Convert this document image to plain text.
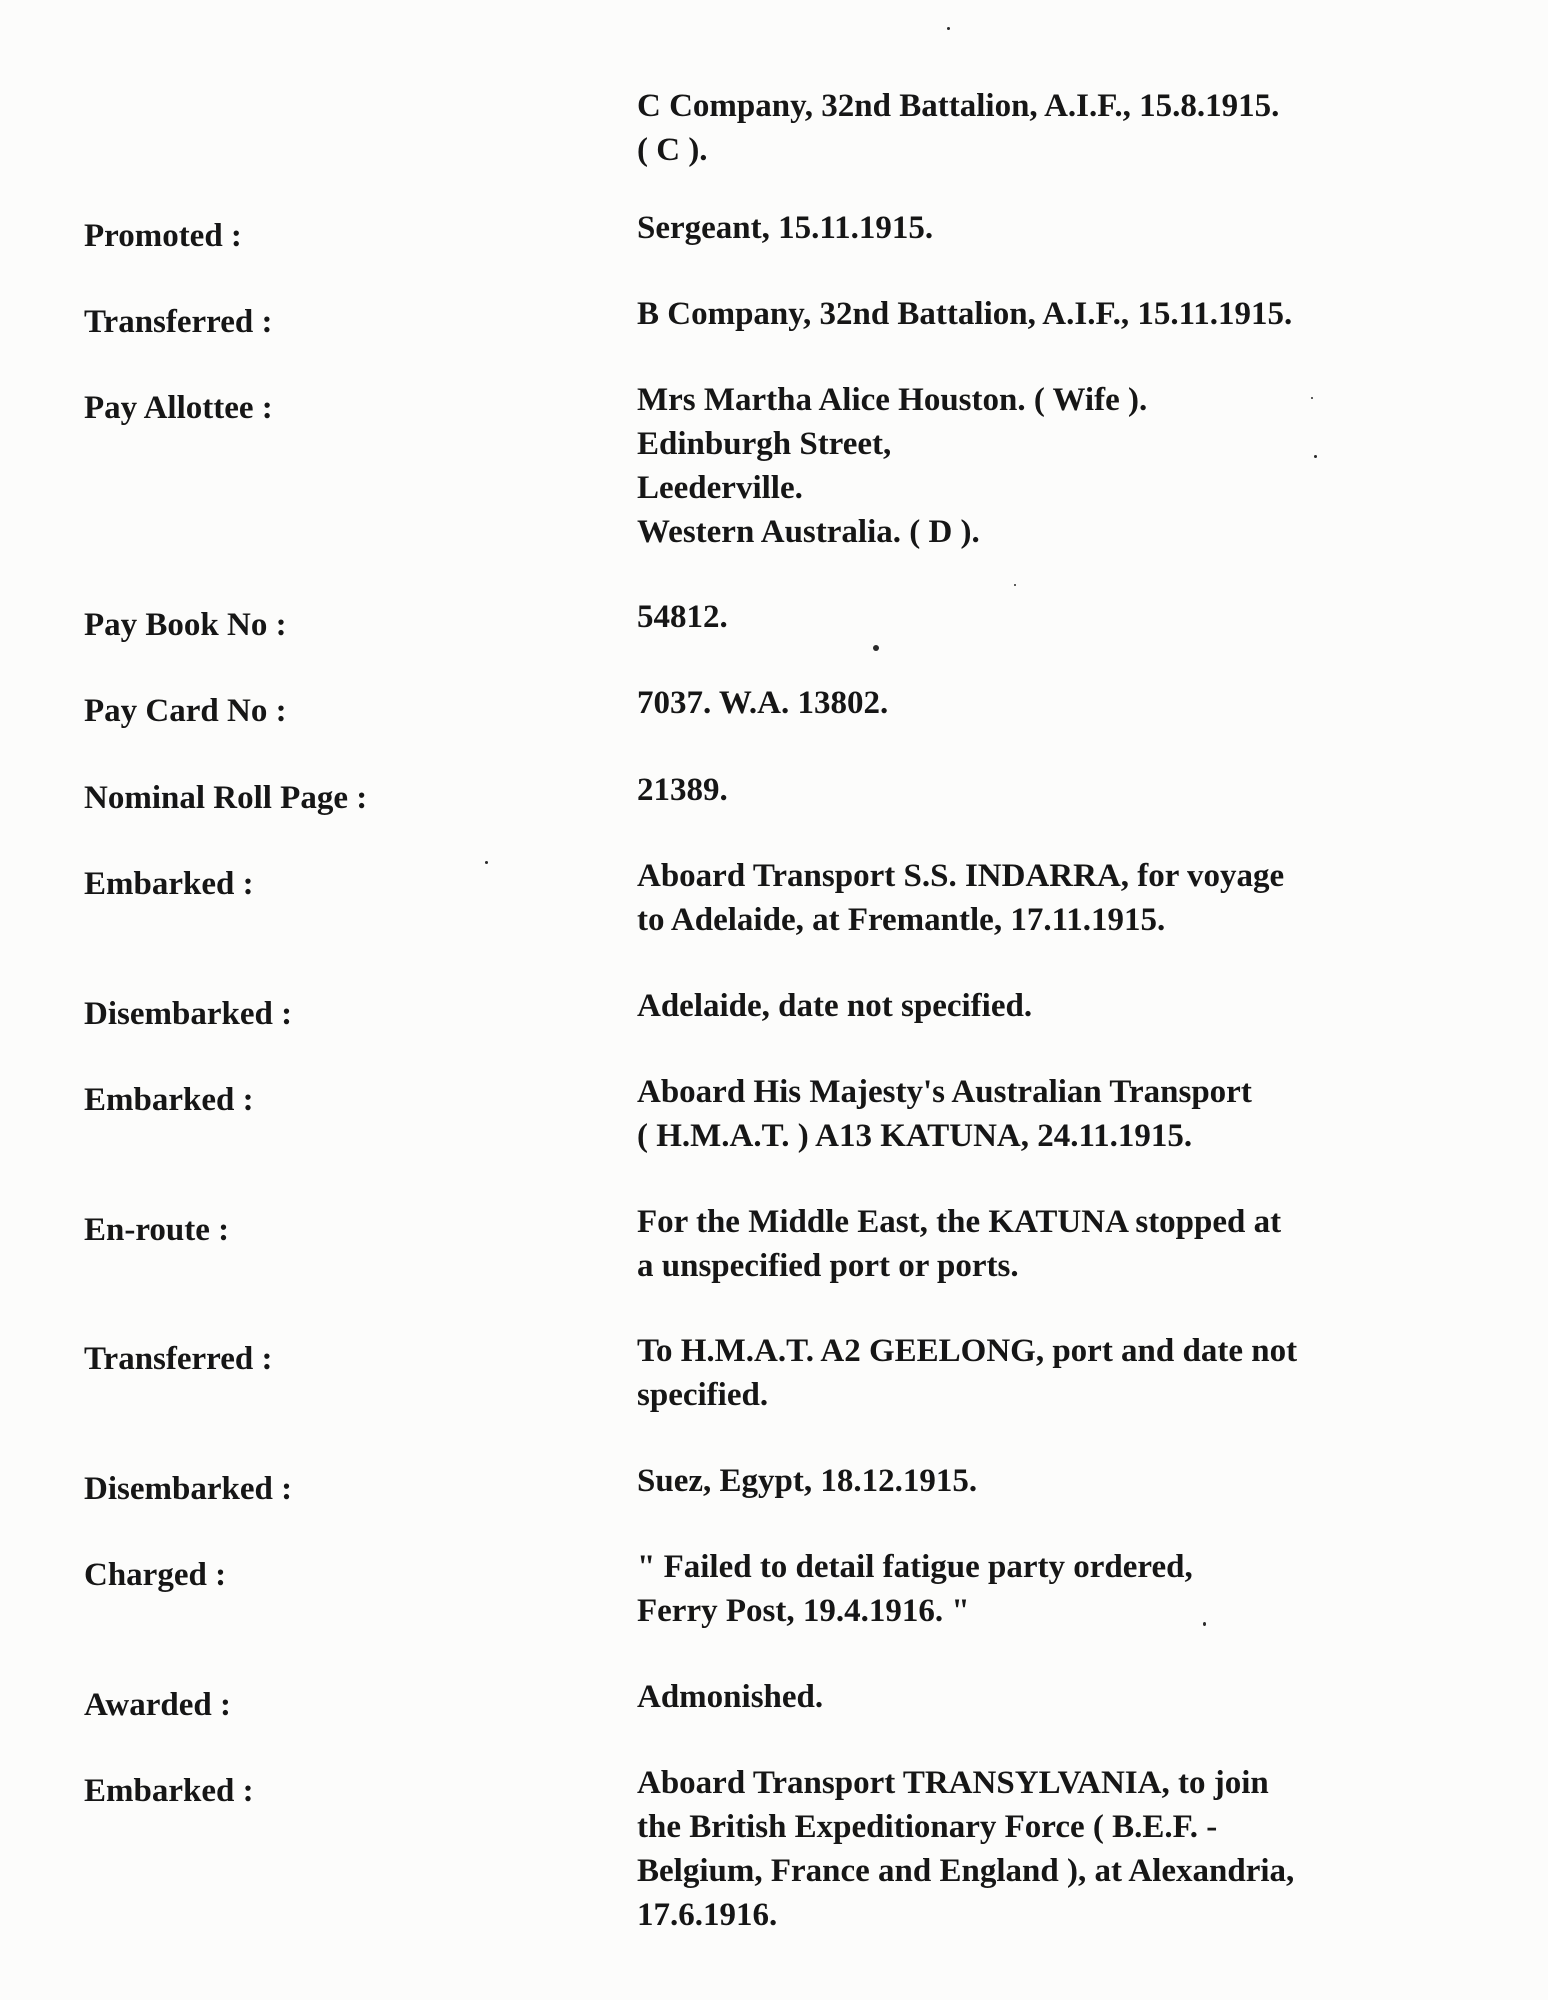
C Company, 32nd Battalion, A.I.F., 15.8.1915.
( C ).
Promoted :	Sergeant, 15.11.1915.
Transferred :	B Company, 32nd Battalion, A.I.F., 15.11.1915.
Pay Allottee :	Mrs Martha Alice Houston. ( Wife ).
Edinburgh Street,
Leederville.
Western Australia. ( D ).
Pay Book No :	54812.
Pay Card No :	7037. W.A. 13802.
Nominal Roll Page :	21389.
Embarked :	Aboard Transport S.S. INDARRA, for voyage
to Adelaide, at Fremantle, 17.11.1915.
Disembarked :	Adelaide, date not specified.
Embarked :	Aboard His Majesty's Australian Transport
( H.M.A.T. ) A13 KATUNA, 24.11.1915.
En-route :	For the Middle East, the KATUNA stopped at
a unspecified port or ports.
Transferred :	To H.M.A.T. A2 GEELONG, port and date not
specified.
Disembarked :	Suez, Egypt, 18.12.1915.
Charged :	" Failed to detail fatigue party ordered,
Ferry Post, 19.4.1916. "
Awarded :	Admonished.
Embarked :	Aboard Transport TRANSYLVANIA, to join
the British Expeditionary Force ( B.E.F. -
Belgium, France and England ), at Alexandria,
17.6.1916.
